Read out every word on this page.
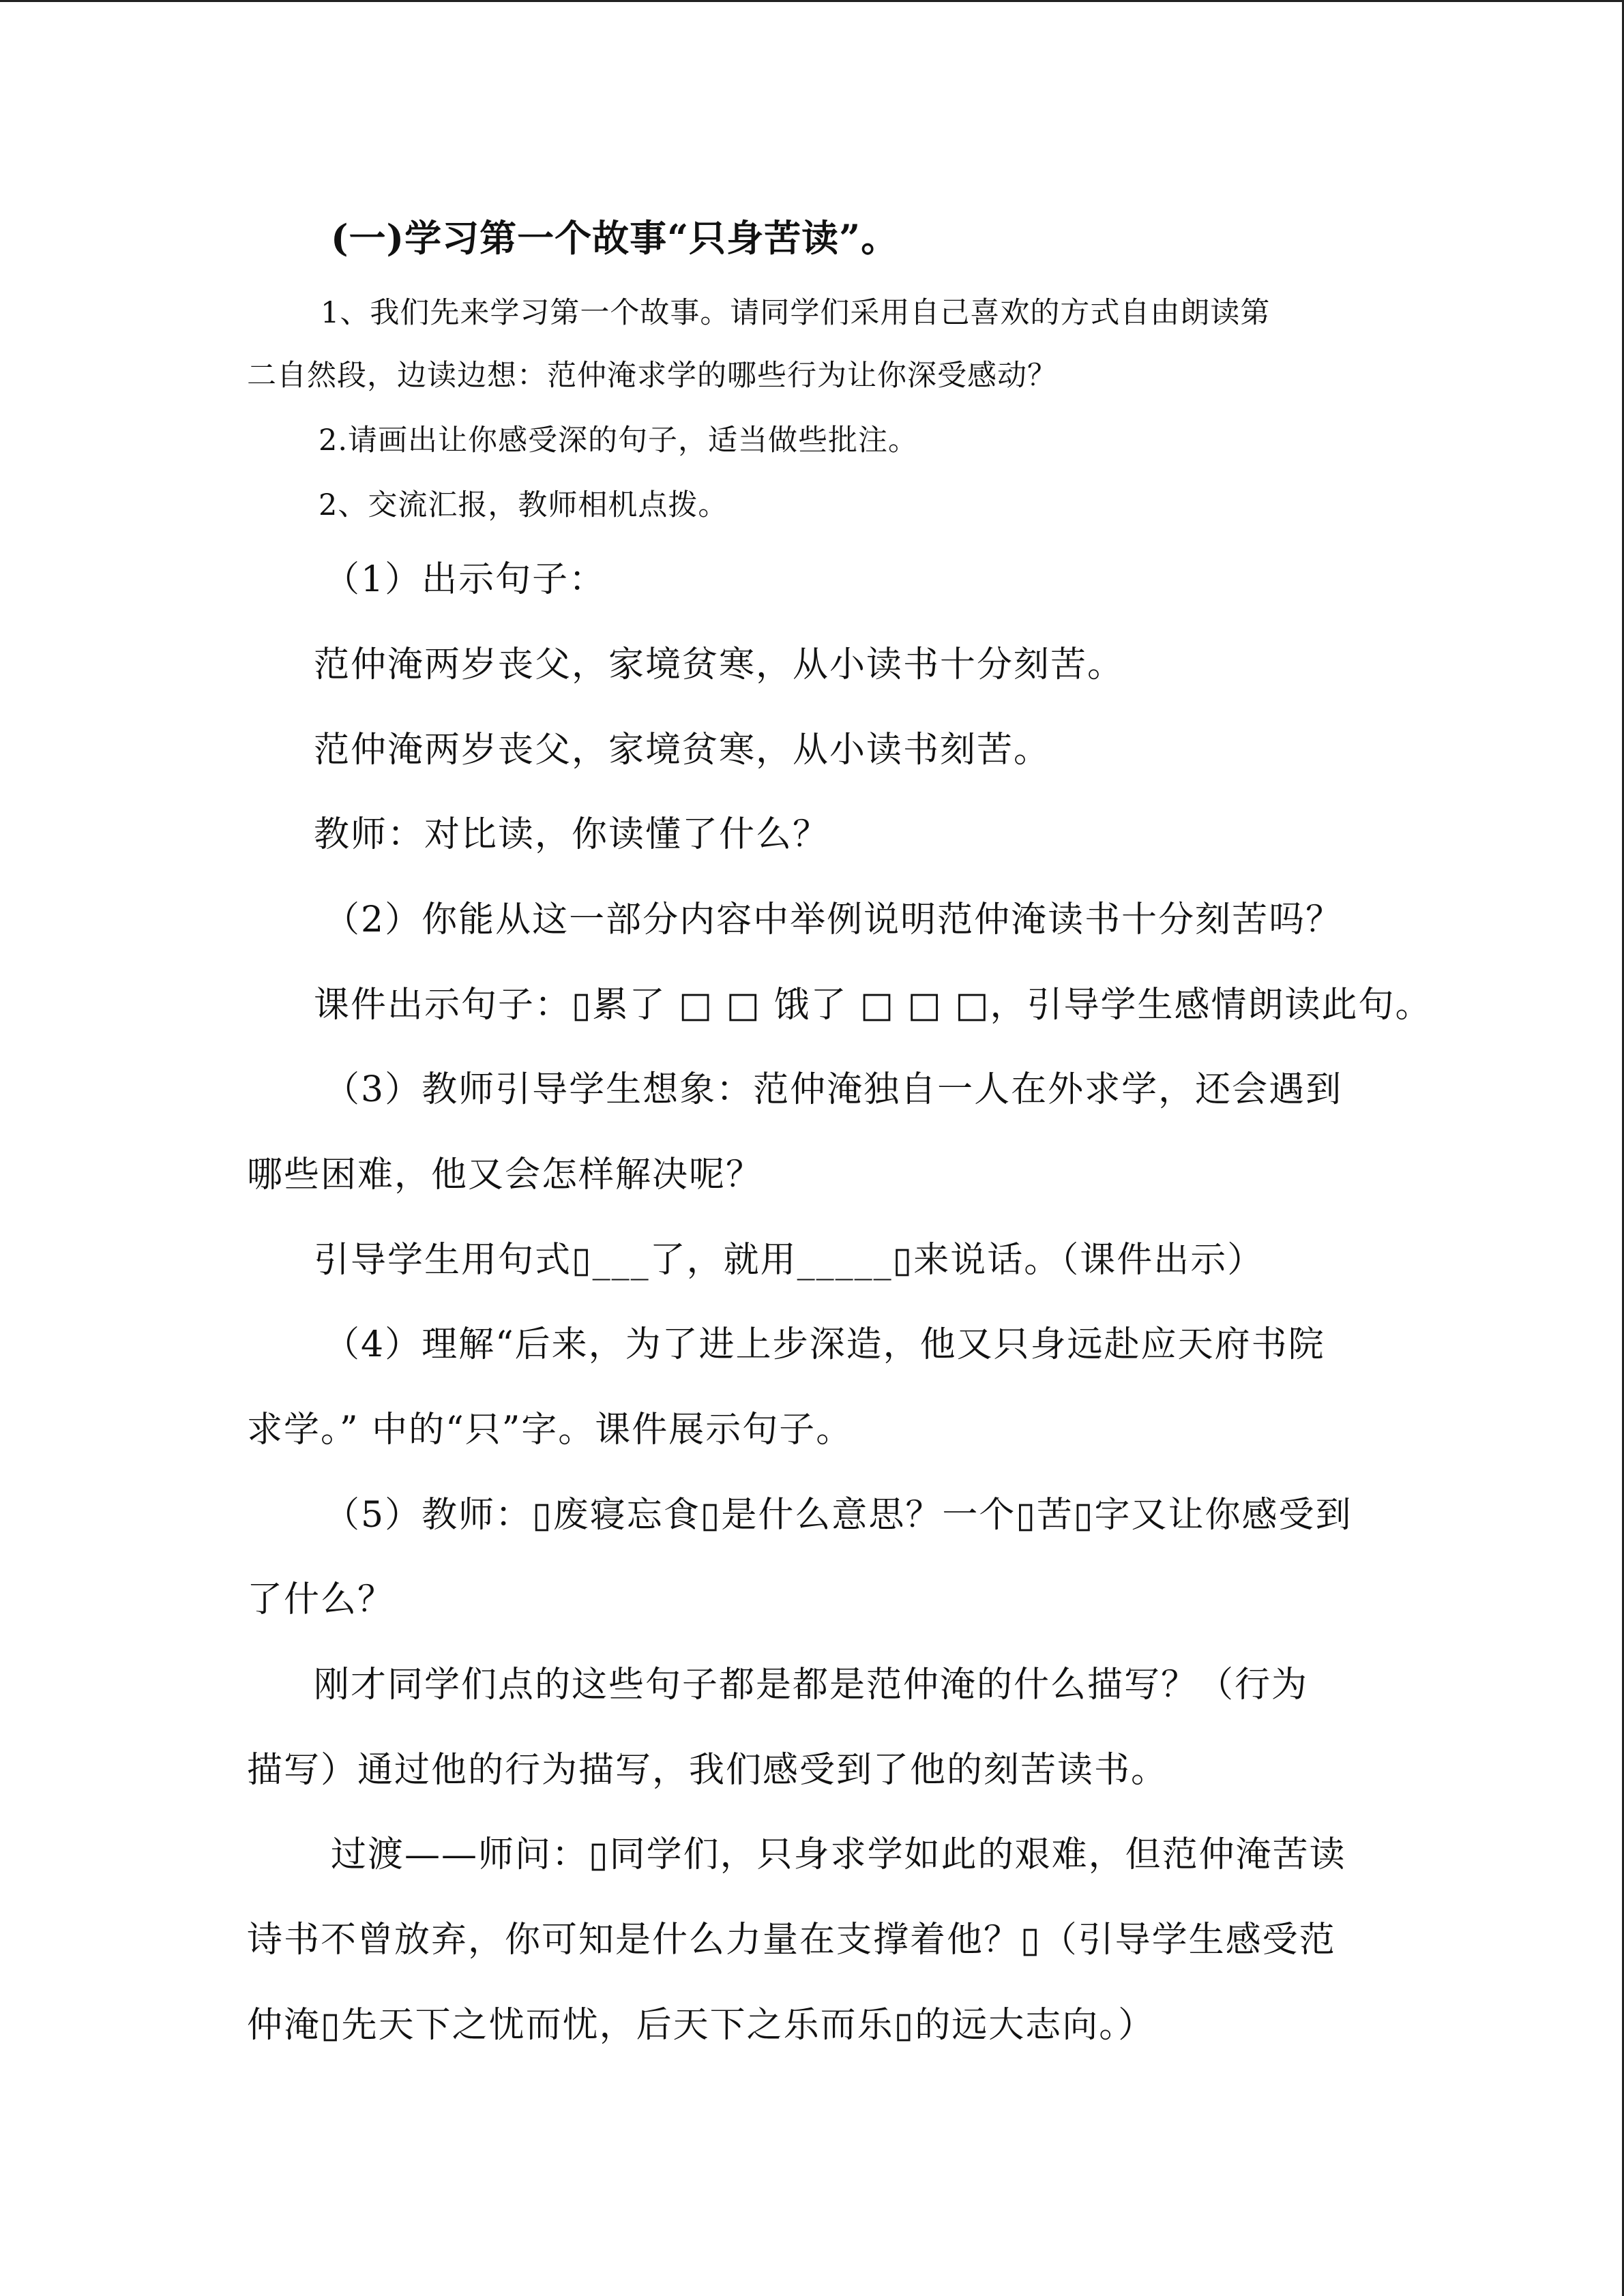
(一)学习第一个故事“只身苦读”。
1、我们先来学习第一个故事。请同学们采用自己喜欢的方式自由朗读第
二自然段，边读边想：范仲淹求学的哪些行为让你深受感动？
2.请画出让你感受深的句子，适当做些批注。
2、交流汇报，教师相机点拨。
（1）出示句子：
范仲淹两岁丧父，家境贫寒，从小读书十分刻苦。
范仲淹两岁丧父，家境贫寒，从小读书刻苦。
教师：对比读，你读懂了什么？
（2）你能从这一部分内容中举例说明范仲淹读书十分刻苦吗？
课件出示句子：▯累了 □ □ 饿了 □ □ □，引导学生感情朗读此句。
（3）教师引导学生想象：范仲淹独自一人在外求学，还会遇到
哪些困难，他又会怎样解决呢？
引导学生用句式▯___了，就用_____▯来说话。（课件出示）
（4）理解“后来，为了进上步深造，他又只身远赴应天府书院
求学。” 中的“只”字。课件展示句子。
（5）教师：▯废寝忘食▯是什么意思？一个▯苦▯字又让你感受到
了什么？
刚才同学们点的这些句子都是都是范仲淹的什么描写？（行为
描写）通过他的行为描写，我们感受到了他的刻苦读书。
过渡——师问：▯同学们，只身求学如此的艰难，但范仲淹苦读
诗书不曾放弃，你可知是什么力量在支撑着他？▯（引导学生感受范
仲淹▯先天下之忧而忧，后天下之乐而乐▯的远大志向。）
